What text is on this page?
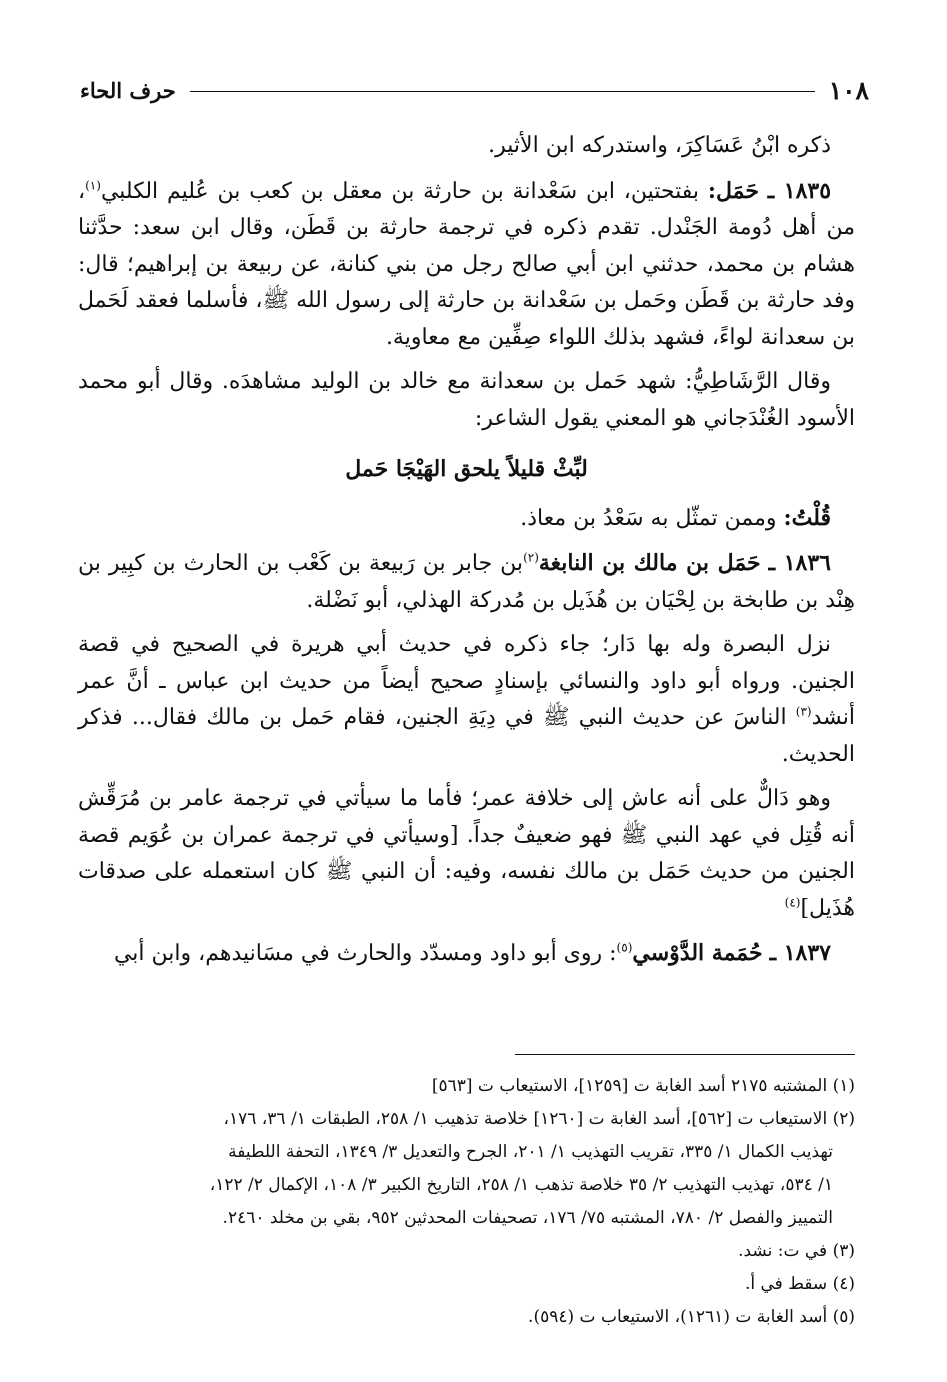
١٠٨
حرف الحاء

ذكره ابْنُ عَسَاكِرَ، واستدركه ابن الأثير.

١٨٣٥ ـ حَمَل: بفتحتين، ابن سَعْدانة بن حارثة بن معقل بن كعب بن عُليم الكلبي$^{(١)}$، من أهل دُومة الجَنْدل. تقدم ذكره في ترجمة حارثة بن قَطَن، وقال ابن سعد: حدَّثنا هشام بن محمد، حدثني ابن أبي صالح رجل من بني كنانة، عن ربيعة بن إبراهيم؛ قال: وفد حارثة بن قَطَن وحَمل بن سَعْدانة بن حارثة إلى رسول الله ﷺ، فأسلما فعقد لَحَمل بن سعدانة لواءً، فشهد بذلك اللواء صِفِّين مع معاوية.

وقال الرَّشَاطِيُّ: شهد حَمل بن سعدانة مع خالد بن الوليد مشاهدَه. وقال أبو محمد الأسود الغُنْدَجاني هو المعني يقول الشاعر:

لبِّثْ قليلاً يلحق الهَيْجَا حَمل

قُلْتُ: وممن تمثّل به سَعْدُ بن معاذ.

١٨٣٦ ـ حَمَل بن مالك بن النابغة$^{(٢)}$بن جابر بن رَبيعة بن كَعْب بن الحارث بن كبِير بن هِنْد بن طابخة بن لِحْيَان بن هُذَيل بن مُدركة الهذلي، أبو نَضْلة.

نزل البصرة وله بها دَار؛ جاء ذكره في حديث أبي هريرة في الصحيح في قصة الجنين. ورواه أبو داود والنسائي بإسنادٍ صحيح أيضاً من حديث ابن عباس ـ أنَّ عمر أنشد$^{(٣)}$ الناسَ عن حديث النبي ﷺ في دِيَةِ الجنين، فقام حَمل بن مالك فقال... فذكر الحديث.

وهو دَالٌّ على أنه عاش إلى خلافة عمر؛ فأما ما سيأتي في ترجمة عامر بن مُرَقِّش أنه قُتِل في عهد النبي ﷺ فهو ضعيفٌ جداً. [وسيأتي في ترجمة عمران بن عُوَيم قصة الجنين من حديث حَمَل بن مالك نفسه، وفيه: أن النبي ﷺ كان استعمله على صدقات هُذَيل]$^{(٤)}$

١٨٣٧ ـ حُمَمة الدَّوْسي$^{(٥)}$: روى أبو داود ومسدّد والحارث في مسَانيدهم، وابن أبي

(١) المشتبه ٢١٧٥ أسد الغابة ت [١٢٥٩]، الاستيعاب ت [٥٦٣]

(٢) الاستيعاب ت [٥٦٢]، أسد الغابة ت [١٢٦٠] خلاصة تذهيب ١/ ٢٥٨، الطبقات ١/ ٣٦، ١٧٦،

تهذيب الكمال ١/ ٣٣٥، تقريب التهذيب ١/ ٢٠١، الجرح والتعديل ٣/ ١٣٤٩، التحفة اللطيفة

١/ ٥٣٤، تهذيب التهذيب ٢/ ٣٥ خلاصة تذهب ١/ ٢٥٨، التاريخ الكبير ٣/ ١٠٨، الإكمال ٢/ ١٢٢،

التمييز والفصل ٢/ ٧٨٠، المشتبه ٧٥/ ١٧٦، تصحيفات المحدثين ٩٥٢، بقي بن مخلد ٢٤٦٠.

(٣) في ت: نشد.

(٤) سقط في أ.

(٥) أسد الغابة ت (١٢٦١)، الاستيعاب ت (٥٩٤).
